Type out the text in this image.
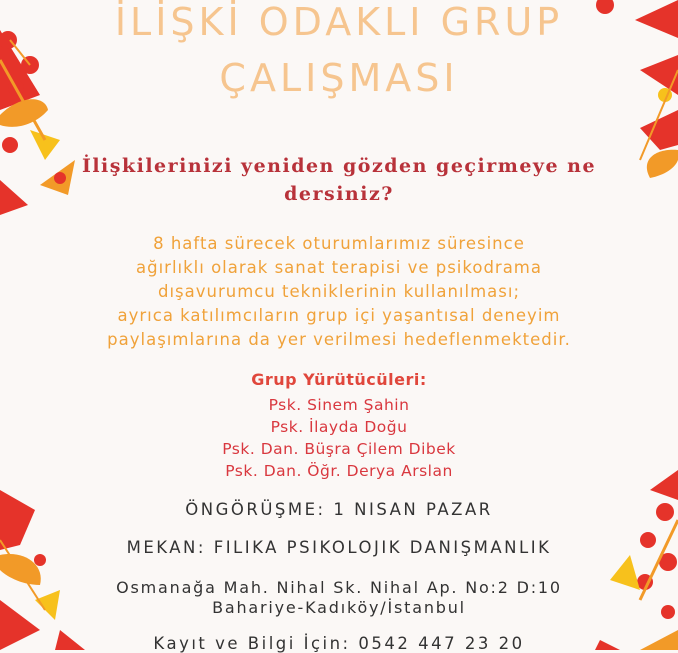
İLİŞKİ ODAKLI GRUP
ÇALIŞMASI
İlişkilerinizi yeniden gözden geçirmeye ne
dersiniz?
8 hafta sürecek oturumlarımız süresince
ağırlıklı olarak sanat terapisi ve psikodrama
dışavurumcu tekniklerinin kullanılması;
ayrıca katılımcıların grup içi yaşantısal deneyim
paylaşımlarına da yer verilmesi hedeflenmektedir.
Grup Yürütücüleri:
Psk. Sinem Şahin
Psk. İlayda Doğu
Psk. Dan. Büşra Çilem Dibek
Psk. Dan. Öğr. Derya Arslan
ÖNGÖRÜŞME: 1 NISAN PAZAR
MEKAN: FILIKA PSIKOLOJIK DANIŞMANLIK
Osmanağa Mah. Nihal Sk. Nihal Ap. No:2 D:10
Bahariye-Kadıköy/İstanbul
Kayıt ve Bilgi İçin: 0542 447 23 20
